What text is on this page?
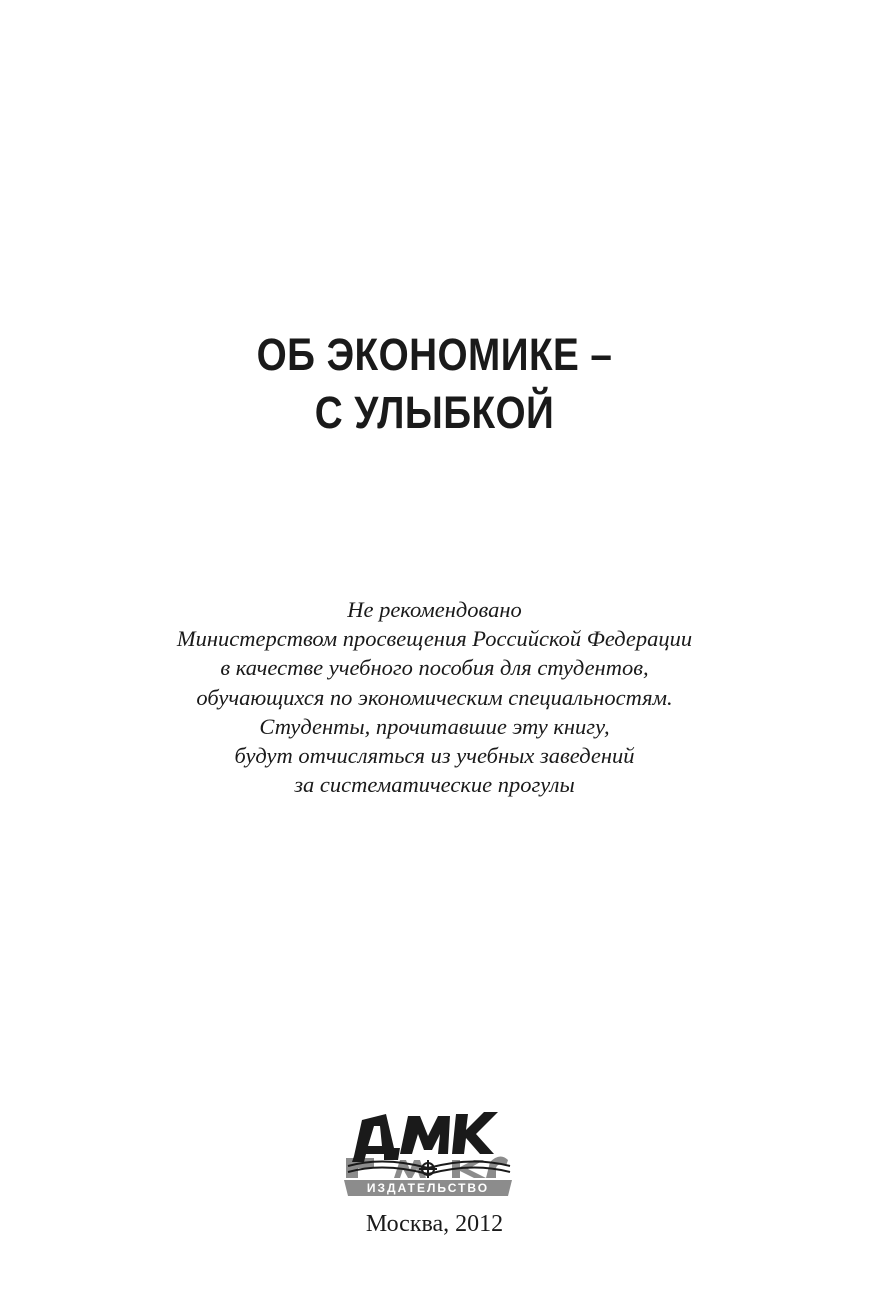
ОБ ЭКОНОМИКЕ –
С УЛЫБКОЙ
Не рекомендовано
Министерством просвещения Российской Федерации
в качестве учебного пособия для студентов,
обучающихся по экономическим специальностям.
Студенты, прочитавшие эту книгу,
будут отчисляться из учебных заведений
за систематические прогулы
ИЗДАТЕЛЬСТВО
Москва, 2012
